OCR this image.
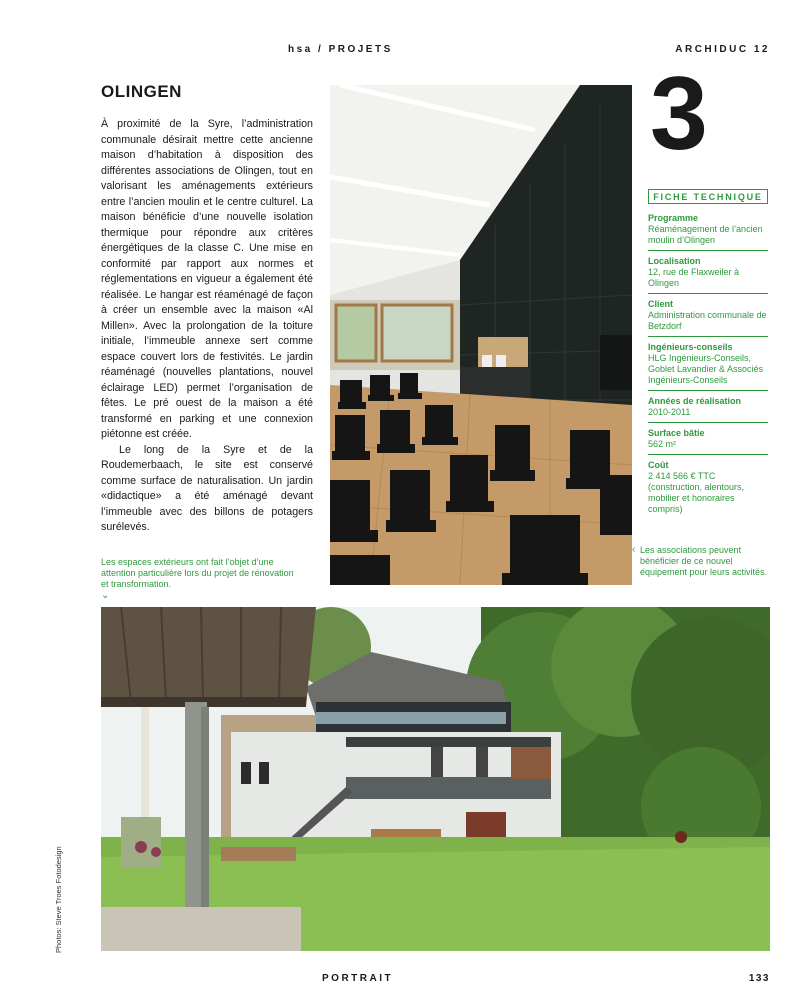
hsa / PROJETS	ARCHIDUC 12
OLINGEN

À proximité de la Syre, l’administration communale désirait mettre cette ancienne maison d’habitation à disposition des différentes associations de Olingen, tout en valorisant les aménagements extérieurs entre l’ancien moulin et le centre culturel. La maison bénéficie d’une nouvelle isolation thermique pour répondre aux critères énergétiques de la classe C. Une mise en conformité par rapport aux normes et réglementations en vigueur a également été réalisée. Le hangar est réaménagé de façon à créer un ensemble avec la maison «Al Millen». Avec la prolongation de la toiture initiale, l’immeuble annexe sert comme espace couvert lors de festivités. Le jardin réaménagé (nouvelles plantations, nouvel éclairage LED) permet l’organisation de fêtes. Le pré ouest de la maison a été transformé en parking et une connexion piétonne est créée.

Le long de la Syre et de la Roudemerbaach, le site est conservé comme surface de naturalisation. Un jardin «didactique» a été aménagé devant l’immeuble avec des billons de potagers surélevés.

3
FICHE TECHNIQUE
Programme
Réaménagement de l’ancien moulin d’Olingen
Localisation
12, rue de Flaxweiler à Olingen
Client
Administration communale de Betzdorf
Ingénieurs-conseils
HLG Ingénieurs-Conseils, Goblet Lavandier & Associés Ingénieurs-Conseils
Années de réalisation
2010-2011
Surface bâtie
562 m²
Coût
2 414 566 € TTC (construction, alentours, mobilier et honoraires compris)
‹ Les associations peuvent bénéficier de ce nouvel équipement pour leurs activités.
Les espaces extérieurs ont fait l’objet d’une attention particulière lors du projet de rénovation et transformation.
⌄
Photos: Steve Troes Fotodesign
PORTRAIT	133
